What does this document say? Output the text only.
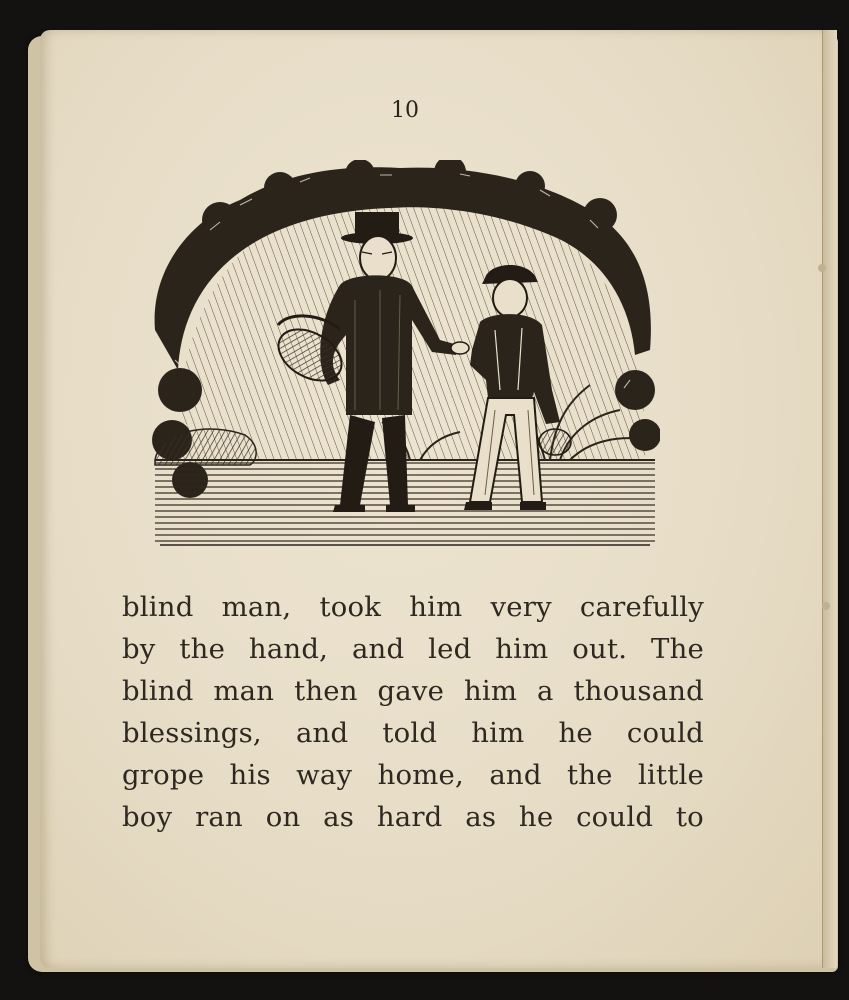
10
blind man, took him very carefully
by the hand, and led him out. The
blind man then gave him a thousand
blessings, and told him he could
grope his way home, and the little
boy ran on as hard as he could to
